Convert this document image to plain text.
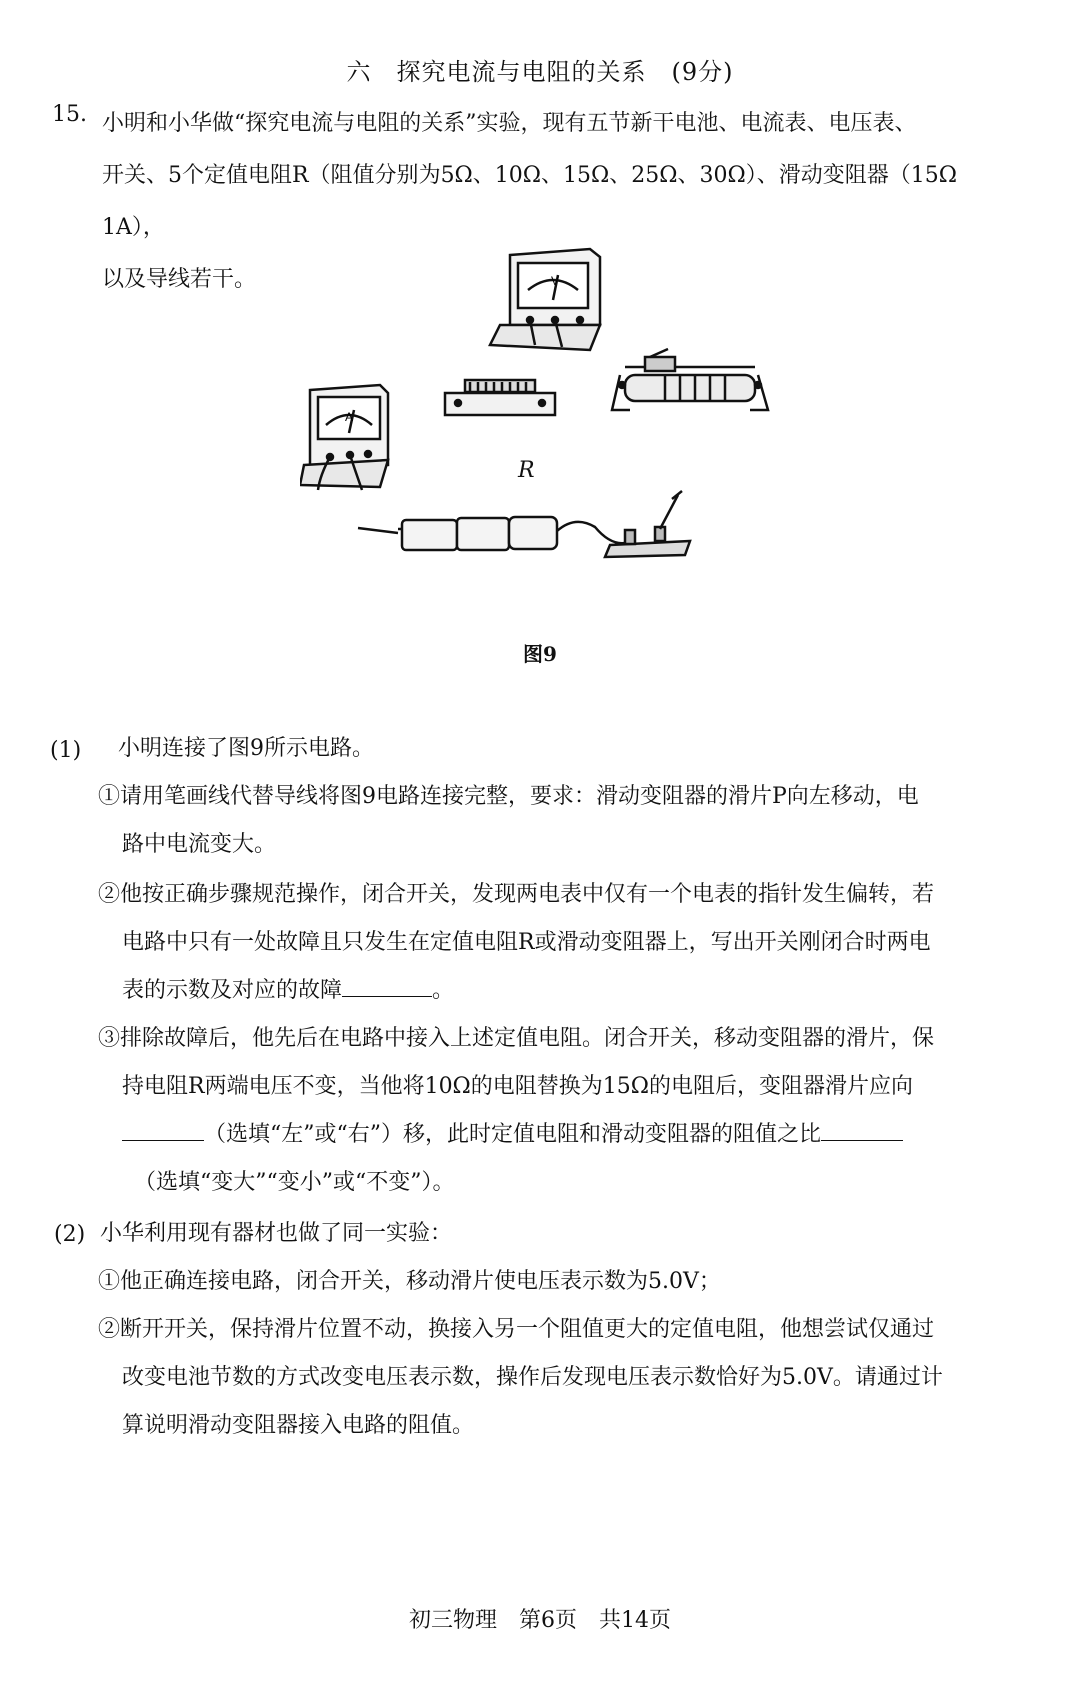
六　探究电流与电阻的关系　(9分)
15. 小明和小华做“探究电流与电阻的关系”实验，现有五节新干电池、电流表、电压表、
开关、5个定值电阻R（阻值分别为5Ω、10Ω、15Ω、25Ω、30Ω）、滑动变阻器（15Ω 1A），
以及导线若干。	V
A
R
图9
(1) 小明连接了图9所示电路。
①请用笔画线代替导线将图9电路连接完整，要求：滑动变阻器的滑片P向左移动，电
路中电流变大。
②他按正确步骤规范操作，闭合开关，发现两电表中仅有一个电表的指针发生偏转，若
电路中只有一处故障且只发生在定值电阻R或滑动变阻器上，写出开关刚闭合时两电
表的示数及对应的故障	。
③排除故障后，他先后在电路中接入上述定值电阻。闭合开关，移动变阻器的滑片，保
持电阻R两端电压不变，当他将10Ω的电阻替换为15Ω的电阻后，变阻器滑片应向
（选填“左”或“右”）移，此时定值电阻和滑动变阻器的阻值之比
（选填“变大”“变小”或“不变”）。
(2) 小华利用现有器材也做了同一实验：
①他正确连接电路，闭合开关，移动滑片使电压表示数为5.0V；
②断开开关，保持滑片位置不动，换接入另一个阻值更大的定值电阻，他想尝试仅通过
改变电池节数的方式改变电压表示数，操作后发现电压表示数恰好为5.0V。请通过计
算说明滑动变阻器接入电路的阻值。
初三物理　第6页　共14页
